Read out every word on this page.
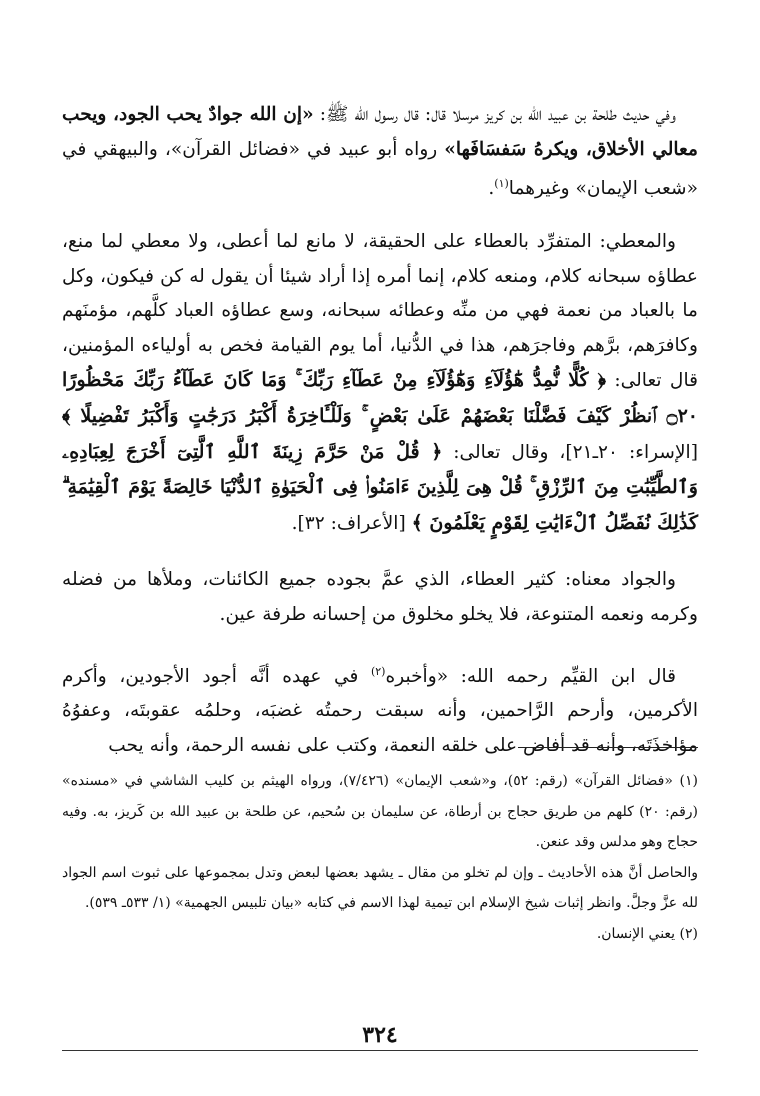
وفي حديث طلحة بن عبيد الله بن كريز مرسلا قال: قال رسول الله ﷺ: «إن الله جوادٌ يحب الجود، ويحب معالي الأخلاق، ويكرهُ سَفسَافَها» رواه أبو عبيد في «فضائل القرآن»، والبيهقي في «شعب الإيمان» وغيرهما$^{(١)}$.

والمعطي: المتفرِّد بالعطاء على الحقيقة، لا مانع لما أعطى، ولا معطي لما منع، عطاؤه سبحانه كلام، ومنعه كلام، إنما أمره إذا أراد شيئا أن يقول له كن فيكون، وكل ما بالعباد من نعمة فهي من منِّه وعطائه سبحانه، وسع عطاؤه العباد كلَّهم، مؤمنَهم وكافرَهم، برَّهم وفاجرَهم، هذا في الدُّنيا، أما يوم القيامة فخص به أولياءه المؤمنين، قال تعالى: ﴿ كُلًّا نُّمِدُّ هَٰٓؤُلَآءِ وَهَٰٓؤُلَآءِ مِنْ عَطَآءِ رَبِّكَ ۚ وَمَا كَانَ عَطَآءُ رَبِّكَ مَحْظُورًا ۝٢٠ ٱنظُرْ كَيْفَ فَضَّلْنَا بَعْضَهُمْ عَلَىٰ بَعْضٍ ۚ وَلَلْـَٔاخِرَةُ أَكْبَرُ دَرَجَٰتٍ وَأَكْبَرُ تَفْضِيلًا ﴾ [الإسراء: ٢٠ـ٢١]، وقال تعالى: ﴿ قُلْ مَنْ حَرَّمَ زِينَةَ ٱللَّهِ ٱلَّتِىٓ أَخْرَجَ لِعِبَادِهِۦ وَٱلطَّيِّبَٰتِ مِنَ ٱلرِّزْقِ ۚ قُلْ هِىَ لِلَّذِينَ ءَامَنُوا۟ فِى ٱلْحَيَوٰةِ ٱلدُّنْيَا خَالِصَةً يَوْمَ ٱلْقِيَٰمَةِ ۗ كَذَٰلِكَ نُفَصِّلُ ٱلْءَايَٰتِ لِقَوْمٍ يَعْلَمُونَ ﴾ [الأعراف: ٣٢].

والجواد معناه: كثير العطاء، الذي عمَّ بجوده جميع الكائنات، وملأها من فضله وكرمه ونعمه المتنوعة، فلا يخلو مخلوق من إحسانه طرفة عين.

قال ابن القيِّم رحمه الله: «وأخبره$^{(٢)}$ في عهده أنَّه أجود الأجودين، وأكرم الأكرمين، وأرحم الرَّاحمين، وأنه سبقت رحمتُه غضبَه، وحلمُه عقوبتَه، وعفوُهُ مؤاخذَتَه، وأنه قد أفاض على خلقه النعمة، وكتب على نفسه الرحمة، وأنه يحب

(١) «فضائل القرآن» (رقم: ٥٢)، و«شعب الإيمان» (٧/٤٢٦)، ورواه الهيثم بن كليب الشاشي في «مسنده» (رقم: ٢٠) كلهم من طريق حجاج بن أرطاة، عن سليمان بن سُحيم، عن طلحة بن عبيد الله بن كَريز، به. وفيه حجاج وهو مدلس وقد عنعن.

والحاصل أنَّ هذه الأحاديث ـ وإن لم تخلو من مقال ـ يشهد بعضها لبعض وتدل بمجموعها على ثبوت اسم الجواد لله عزَّ وجلَّ. وانظر إثبات شيخ الإسلام ابن تيمية لهذا الاسم في كتابه «بيان تلبيس الجهمية» (١/ ٥٣٣ـ ٥٣٩).

(٢) يعني الإنسان.

٣٢٤
